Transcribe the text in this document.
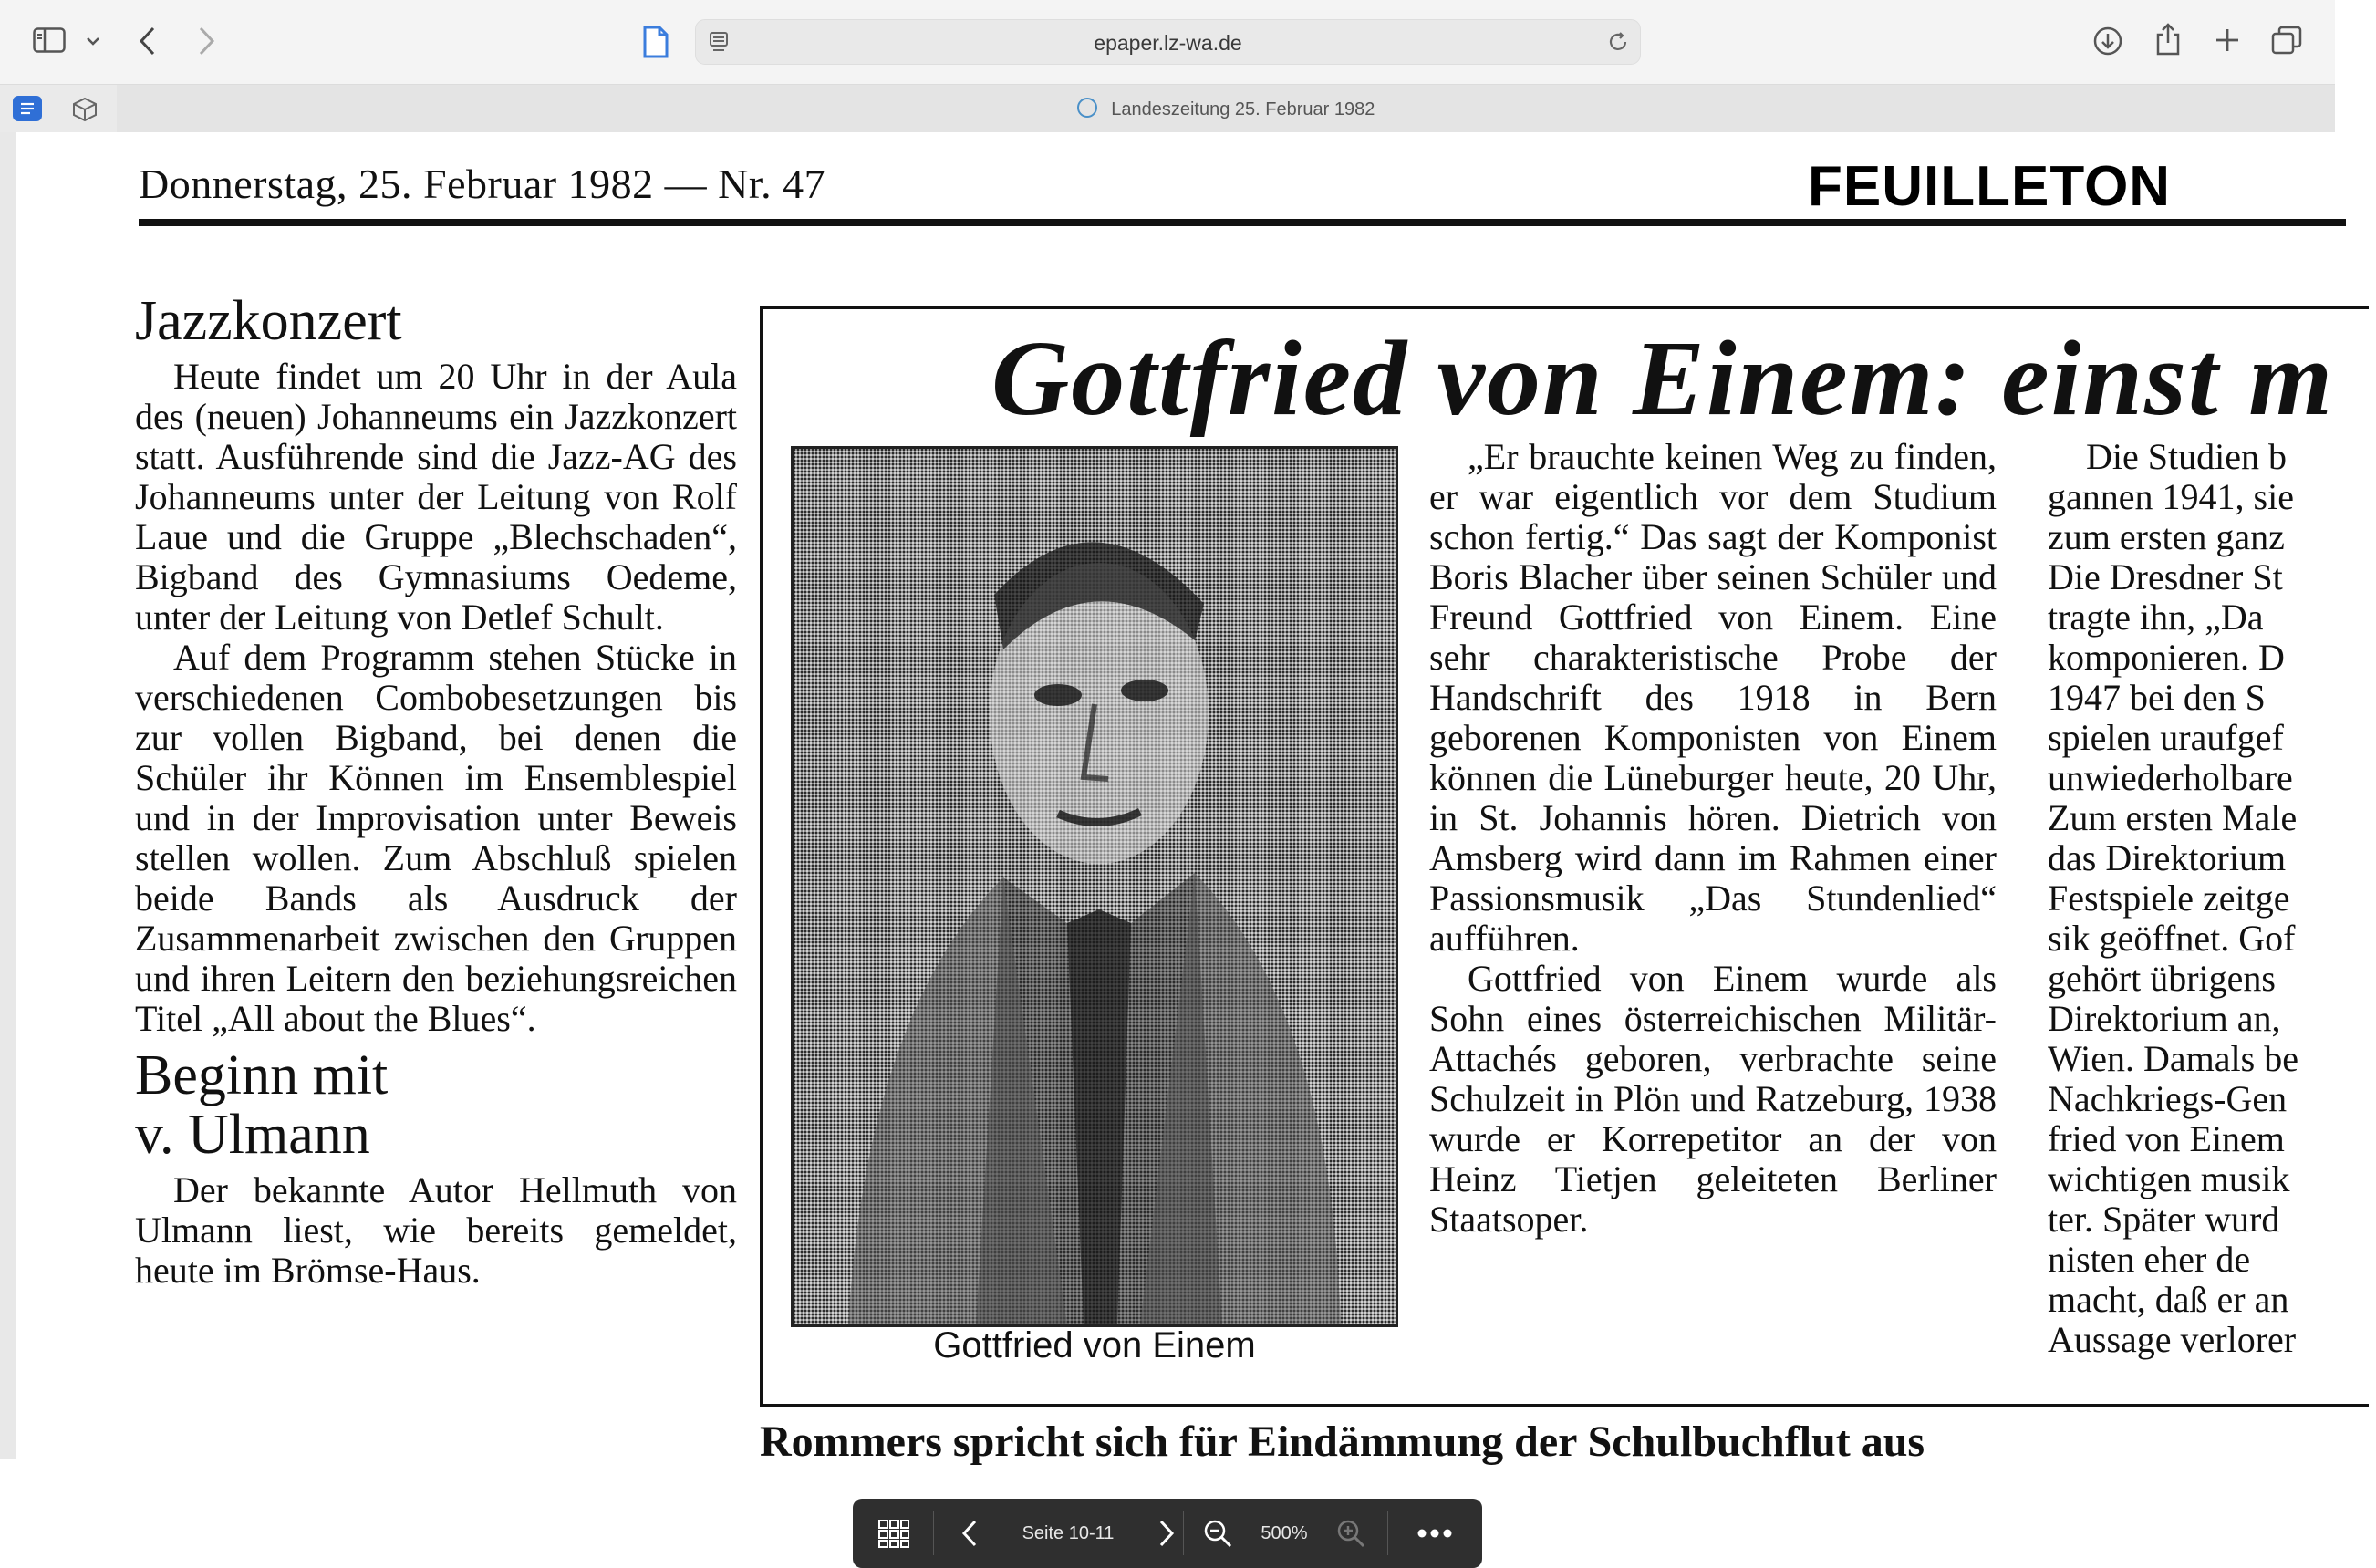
epaper.lz-wa.de
Landeszeitung 25. Februar 1982
Donnerstag, 25. Februar 1982 — Nr. 47	FEUILLETON
Jazzkonzert

Heute findet um 20 Uhr in der Aula des (neuen) Johanneums ein Jazzkonzert statt. Ausführende sind die Jazz-AG des Johanneums unter der Leitung von Rolf Laue und die Gruppe „Blechschaden“, Bigband des Gymnasiums Oedeme, unter der Leitung von Detlef Schult.

Auf dem Programm stehen Stücke in verschiedenen Combobesetzungen bis zur vollen Bigband, bei denen die Schüler ihr Können im Ensemblespiel und in der Improvisation unter Beweis stellen wollen. Zum Abschluß spielen beide Bands als Ausdruck der Zusammenarbeit zwischen den Gruppen und ihren Leitern den beziehungsreichen Titel „All about the Blues“.

Beginn mit
v. Ulmann

Der bekannte Autor Hellmuth von Ulmann liest, wie bereits gemeldet, heute im Brömse-Haus.

Gottfried von Einem: einst m
Gottfried von Einem

„Er brauchte keinen Weg zu finden, er war eigentlich vor dem Studium schon fertig.“ Das sagt der Komponist Boris Blacher über seinen Schüler und Freund Gottfried von Einem. Eine sehr charakteristische Probe der Handschrift des 1918 in Bern geborenen Komponisten von Einem können die Lüneburger heute, 20 Uhr, in St. Johannis hören. Dietrich von Amsberg wird dann im Rahmen einer Passionsmusik „Das Stundenlied“ aufführen.

Gottfried von Einem wurde als Sohn eines österreichischen Militär-Attachés geboren, verbrachte seine Schulzeit in Plön und Ratzeburg, 1938 wurde er Korrepetitor an der von Heinz Tietjen geleiteten Berliner Staatsoper.

Die Studien b
gannen 1941, sie
zum ersten ganz
Die Dresdner St
tragte ihn, „Da
komponieren. D
1947 bei den S
spielen uraufgef
unwiederholbare
Zum ersten Male
das Direktorium
Festspiele zeitge
sik geöffnet. Gof
gehört übrigens
Direktorium an,
Wien. Damals be
Nachkriegs-Gen
fried von Einem
wichtigen musik
ter. Später wurd
nisten eher de
macht, daß er an
Aussage verlorer
Rommers spricht sich für Eindämmung der Schulbuchflut aus
Seite 10-11	500%
